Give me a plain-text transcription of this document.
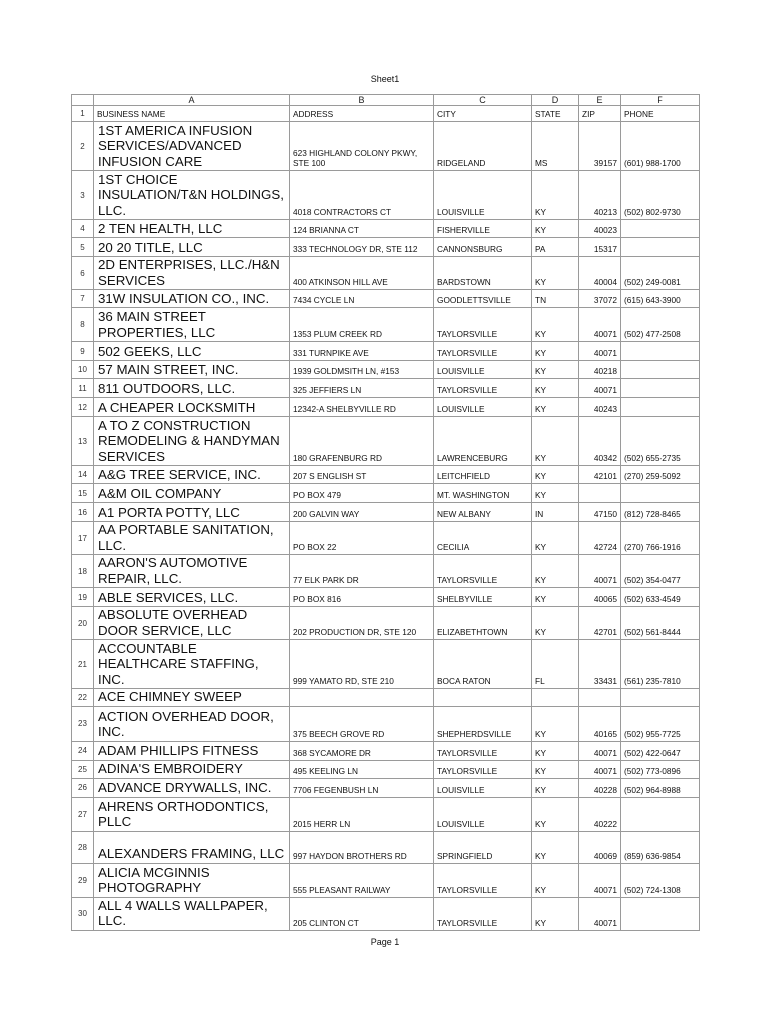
Sheet1
	A	B	C	D	E	F
1	BUSINESS NAME	ADDRESS	CITY	STATE	ZIP	PHONE
2	1ST AMERICA INFUSION SERVICES/ADVANCED INFUSION CARE	623 HIGHLAND COLONY PKWY, STE 100	RIDGELAND	MS	39157	(601) 988-1700
3	1ST CHOICE INSULATION/T&N HOLDINGS, LLC.	4018 CONTRACTORS CT	LOUISVILLE	KY	40213	(502) 802-9730
4	2 TEN HEALTH, LLC	124 BRIANNA CT	FISHERVILLE	KY	40023	
5	20 20 TITLE, LLC	333 TECHNOLOGY DR, STE 112	CANNONSBURG	PA	15317	
6	2D ENTERPRISES, LLC./H&N SERVICES	400 ATKINSON HILL AVE	BARDSTOWN	KY	40004	(502) 249-0081
7	31W INSULATION CO., INC.	7434 CYCLE LN	GOODLETTSVILLE	TN	37072	(615) 643-3900
8	36 MAIN STREET PROPERTIES, LLC	1353 PLUM CREEK RD	TAYLORSVILLE	KY	40071	(502) 477-2508
9	502 GEEKS, LLC	331 TURNPIKE AVE	TAYLORSVILLE	KY	40071	
10	57 MAIN STREET, INC.	1939 GOLDMSITH LN, #153	LOUISVILLE	KY	40218	
11	811 OUTDOORS, LLC.	325 JEFFIERS LN	TAYLORSVILLE	KY	40071	
12	A CHEAPER LOCKSMITH	12342-A SHELBYVILLE RD	LOUISVILLE	KY	40243	
13	A TO Z CONSTRUCTION REMODELING & HANDYMAN SERVICES	180 GRAFENBURG RD	LAWRENCEBURG	KY	40342	(502) 655-2735
14	A&G TREE SERVICE, INC.	207 S ENGLISH ST	LEITCHFIELD	KY	42101	(270) 259-5092
15	A&M OIL COMPANY	PO BOX 479	MT. WASHINGTON	KY		
16	A1 PORTA POTTY, LLC	200 GALVIN WAY	NEW ALBANY	IN	47150	(812) 728-8465
17	AA PORTABLE SANITATION, LLC.	PO BOX 22	CECILIA	KY	42724	(270) 766-1916
18	AARON'S AUTOMOTIVE REPAIR, LLC.	77 ELK PARK DR	TAYLORSVILLE	KY	40071	(502) 354-0477
19	ABLE SERVICES, LLC.	PO BOX 816	SHELBYVILLE	KY	40065	(502) 633-4549
20	ABSOLUTE OVERHEAD DOOR SERVICE, LLC	202 PRODUCTION DR, STE 120	ELIZABETHTOWN	KY	42701	(502) 561-8444
21	ACCOUNTABLE HEALTHCARE STAFFING, INC.	999 YAMATO RD, STE 210	BOCA RATON	FL	33431	(561) 235-7810
22	ACE CHIMNEY SWEEP					
23	ACTION OVERHEAD DOOR, INC.	375 BEECH GROVE RD	SHEPHERDSVILLE	KY	40165	(502) 955-7725
24	ADAM PHILLIPS FITNESS	368 SYCAMORE DR	TAYLORSVILLE	KY	40071	(502) 422-0647
25	ADINA'S EMBROIDERY	495 KEELING LN	TAYLORSVILLE	KY	40071	(502) 773-0896
26	ADVANCE DRYWALLS, INC.	7706 FEGENBUSH LN	LOUISVILLE	KY	40228	(502) 964-8988
27	AHRENS ORTHODONTICS, PLLC	2015 HERR LN	LOUISVILLE	KY	40222	
28	ALEXANDERS FRAMING, LLC	997 HAYDON BROTHERS RD	SPRINGFIELD	KY	40069	(859) 636-9854
29	ALICIA MCGINNIS PHOTOGRAPHY	555 PLEASANT RAILWAY	TAYLORSVILLE	KY	40071	(502) 724-1308
30	ALL 4 WALLS WALLPAPER, LLC.	205 CLINTON CT	TAYLORSVILLE	KY	40071	
Page 1
